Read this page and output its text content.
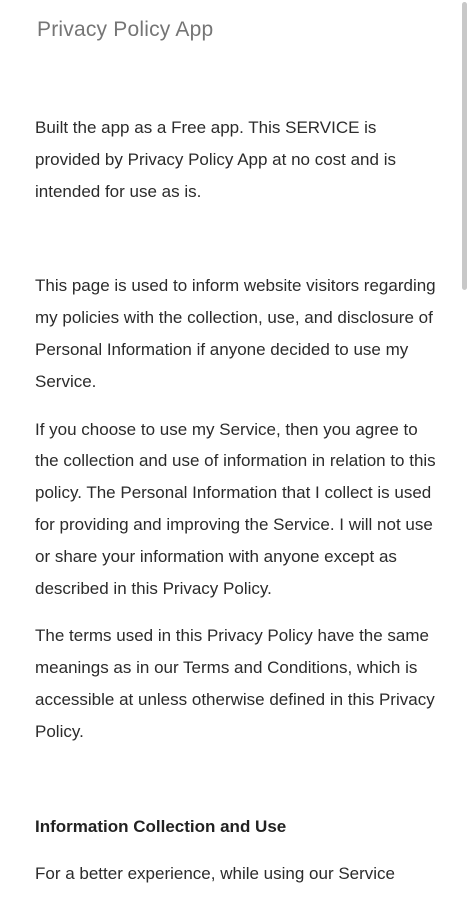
Privacy Policy App

Built the app as a Free app. This SERVICE is provided by Privacy Policy App at no cost and is intended for use as is.

This page is used to inform website visitors regarding my policies with the collection, use, and disclosure of Personal Information if anyone decided to use my Service.

If you choose to use my Service, then you agree to the collection and use of information in relation to this policy. The Personal Information that I collect is used for providing and improving the Service. I will not use or share your information with anyone except as described in this Privacy Policy.

The terms used in this Privacy Policy have the same meanings as in our Terms and Conditions, which is accessible at unless otherwise defined in this Privacy Policy.

Information Collection and Use

For a better experience, while using our Service
